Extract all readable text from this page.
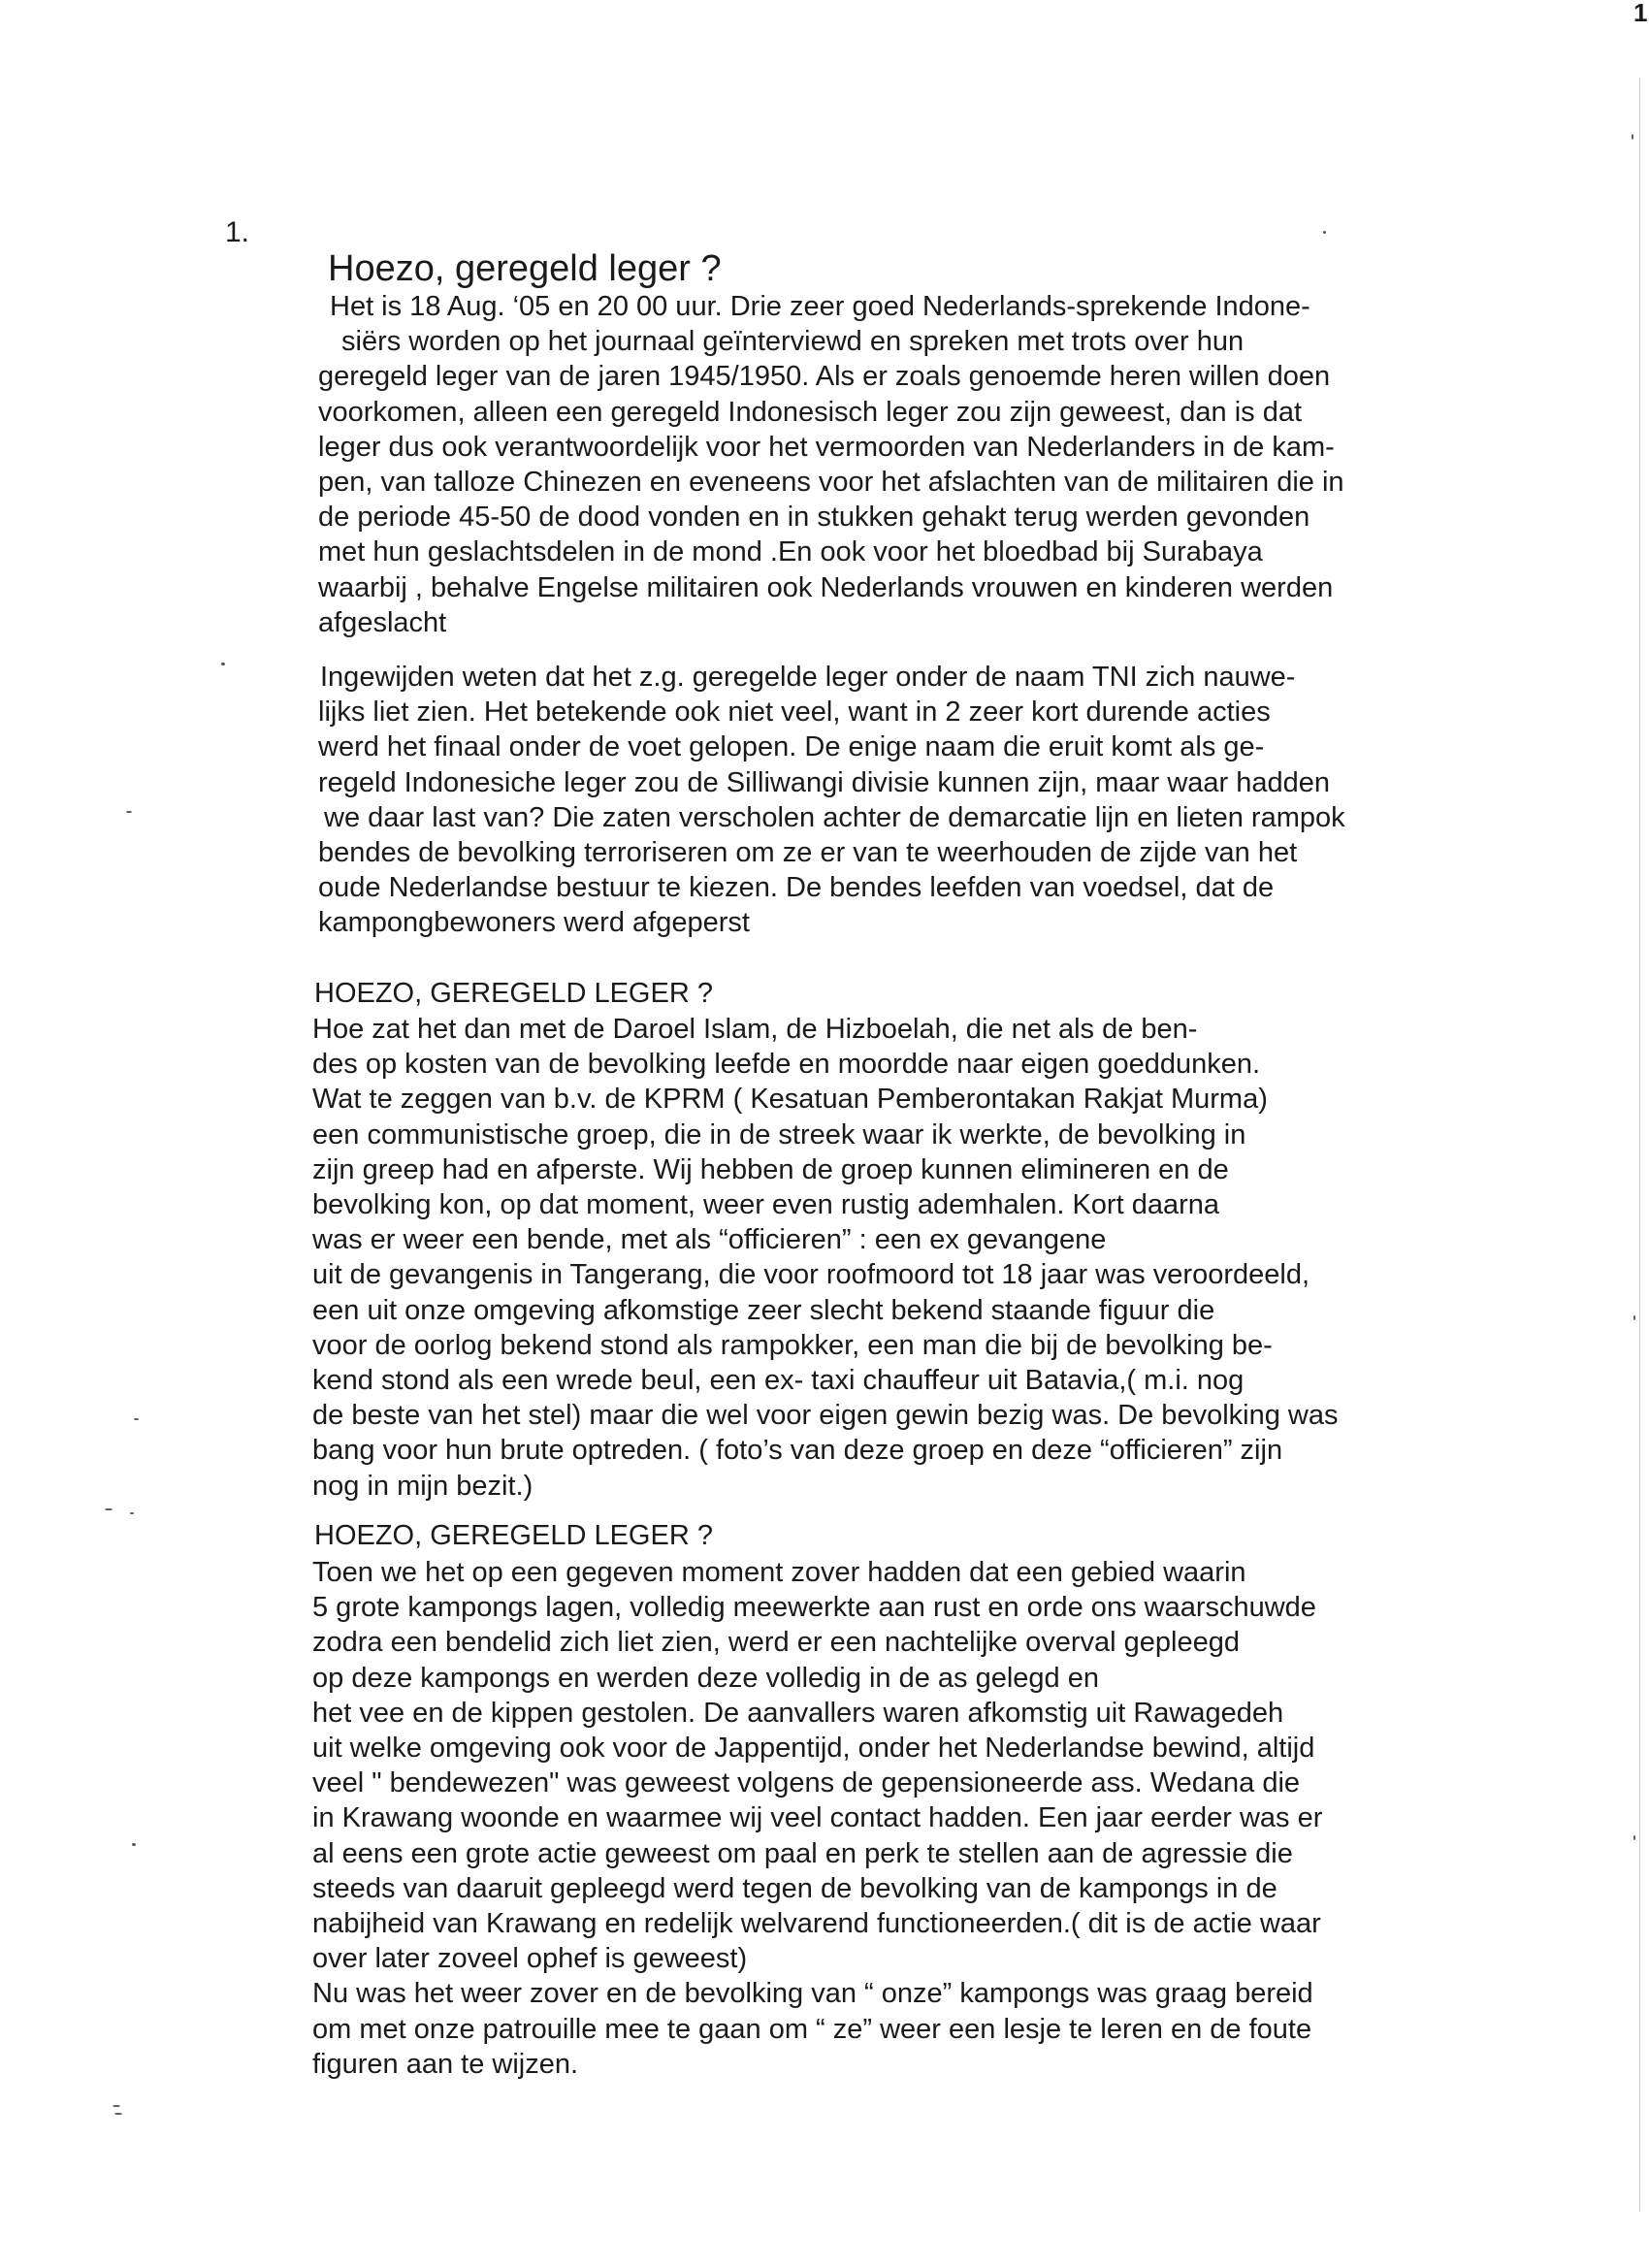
1
1.
Hoezo, geregeld leger ?
Het is 18 Aug. ‘05 en 20 00 uur. Drie zeer goed Nederlands-sprekende Indone-
siërs worden op het journaal geïnterviewd en spreken met trots over hun
geregeld leger van de jaren 1945/1950. Als er zoals genoemde heren willen doen
voorkomen, alleen een geregeld Indonesisch leger zou zijn geweest, dan is dat
leger dus ook verantwoordelijk voor het vermoorden van Nederlanders in de kam-
pen, van talloze Chinezen en eveneens voor het afslachten van de militairen die in
de periode 45-50 de dood vonden en in stukken gehakt terug werden gevonden
met hun geslachtsdelen in de mond .En ook voor het bloedbad bij Surabaya
waarbij , behalve Engelse militairen ook Nederlands vrouwen en kinderen werden
afgeslacht
Ingewijden weten dat het z.g. geregelde leger onder de naam TNI zich nauwe-
lijks liet zien. Het betekende ook niet veel, want in 2 zeer kort durende acties
werd het finaal onder de voet gelopen. De enige naam die eruit komt als ge-
regeld Indonesiche leger zou de Silliwangi divisie kunnen zijn, maar waar hadden
we daar last van? Die zaten verscholen achter de demarcatie lijn en lieten rampok
bendes de bevolking terroriseren om ze er van te weerhouden de zijde van het
oude Nederlandse bestuur te kiezen. De bendes leefden van voedsel, dat de
kampongbewoners werd afgeperst
HOEZO, GEREGELD LEGER ?
Hoe zat het dan met de Daroel Islam, de Hizboelah, die net als de ben-
des op kosten van de bevolking leefde en moordde naar eigen goeddunken.
Wat te zeggen van b.v. de KPRM ( Kesatuan Pemberontakan Rakjat Murma)
een communistische groep, die in de streek waar ik werkte, de bevolking in
zijn greep had en afperste. Wij hebben de groep kunnen elimineren en de
bevolking kon, op dat moment, weer even rustig ademhalen. Kort daarna
was er weer een bende, met als “officieren” : een ex gevangene
uit de gevangenis in Tangerang, die voor roofmoord tot 18 jaar was veroordeeld,
een uit onze omgeving afkomstige zeer slecht bekend staande figuur die
voor de oorlog bekend stond als rampokker, een man die bij de bevolking be-
kend stond als een wrede beul, een ex- taxi chauffeur uit Batavia,( m.i. nog
de beste van het stel) maar die wel voor eigen gewin bezig was. De bevolking was
bang voor hun brute optreden. ( foto’s van deze groep en deze “officieren” zijn
nog in mijn bezit.)
HOEZO, GEREGELD LEGER ?
Toen we het op een gegeven moment zover hadden dat een gebied waarin
5 grote kampongs lagen, volledig meewerkte aan rust en orde ons waarschuwde
zodra een bendelid zich liet zien, werd er een nachtelijke overval gepleegd
op deze kampongs en werden deze volledig in de as gelegd en
het vee en de kippen gestolen. De aanvallers waren afkomstig uit Rawagedeh
uit welke omgeving ook voor de Jappentijd, onder het Nederlandse bewind, altijd
veel " bendewezen" was geweest volgens de gepensioneerde ass. Wedana die
in Krawang woonde en waarmee wij veel contact hadden. Een jaar eerder was er
al eens een grote actie geweest om paal en perk te stellen aan de agressie die
steeds van daaruit gepleegd werd tegen de bevolking van de kampongs in de
nabijheid van Krawang en redelijk welvarend functioneerden.( dit is de actie waar
over later zoveel ophef is geweest)
Nu was het weer zover en de bevolking van “ onze” kampongs was graag bereid
om met onze patrouille mee te gaan om “ ze” weer een lesje te leren en de foute
figuren aan te wijzen.
